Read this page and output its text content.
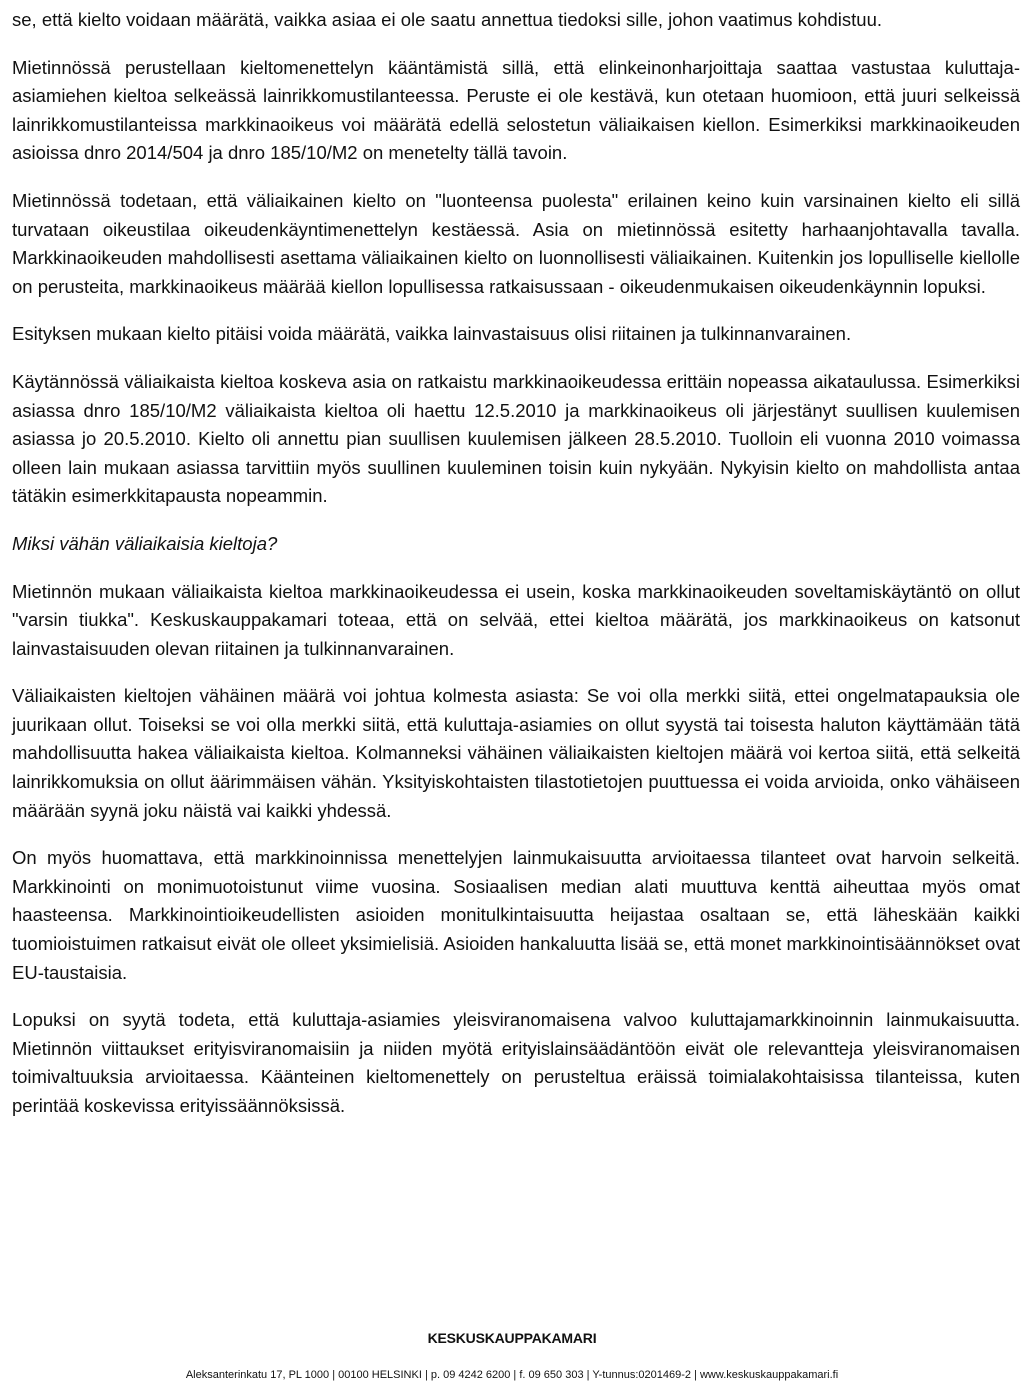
se, että kielto voidaan määrätä, vaikka asiaa ei ole saatu annettua tiedoksi sille, johon vaatimus kohdistuu.

Mietinnössä perustellaan kieltomenettelyn kääntämistä sillä, että elinkeinonharjoittaja saattaa vastustaa kuluttaja-asiamiehen kieltoa selkeässä lainrikkomustilanteessa. Peruste ei ole kestävä, kun otetaan huomioon, että juuri selkeissä lainrikkomustilanteissa markkinaoikeus voi määrätä edellä selostetun väliaikaisen kiellon. Esimerkiksi markkinaoikeuden asioissa dnro 2014/504 ja dnro 185/10/M2 on menetelty tällä tavoin.

Mietinnössä todetaan, että väliaikainen kielto on "luonteensa puolesta" erilainen keino kuin varsinainen kielto eli sillä turvataan oikeustilaa oikeudenkäyntimenettelyn kestäessä. Asia on mietinnössä esitetty harhaanjohtavalla tavalla. Markkinaoikeuden mahdollisesti asettama väliaikainen kielto on luonnollisesti väliaikainen. Kuitenkin jos lopulliselle kiellolle on perusteita, markkinaoikeus määrää kiellon lopullisessa ratkaisussaan - oikeudenmukaisen oikeudenkäynnin lopuksi.

Esityksen mukaan kielto pitäisi voida määrätä, vaikka lainvastaisuus olisi riitainen ja tulkinnanvarainen.

Käytännössä väliaikaista kieltoa koskeva asia on ratkaistu markkinaoikeudessa erittäin nopeassa aikataulussa. Esimerkiksi asiassa dnro 185/10/M2 väliaikaista kieltoa oli haettu 12.5.2010 ja markkinaoikeus oli järjestänyt suullisen kuulemisen asiassa jo 20.5.2010. Kielto oli annettu pian suullisen kuulemisen jälkeen 28.5.2010. Tuolloin eli vuonna 2010 voimassa olleen lain mukaan asiassa tarvittiin myös suullinen kuuleminen toisin kuin nykyään. Nykyisin kielto on mahdollista antaa tätäkin esimerkkitapausta nopeammin.

Miksi vähän väliaikaisia kieltoja?

Mietinnön mukaan väliaikaista kieltoa markkinaoikeudessa ei usein, koska markkinaoikeuden soveltamiskäytäntö on ollut "varsin tiukka". Keskuskauppakamari toteaa, että on selvää, ettei kieltoa määrätä, jos markkinaoikeus on katsonut lainvastaisuuden olevan riitainen ja tulkinnanvarainen.

Väliaikaisten kieltojen vähäinen määrä voi johtua kolmesta asiasta: Se voi olla merkki siitä, ettei ongelmatapauksia ole juurikaan ollut. Toiseksi se voi olla merkki siitä, että kuluttaja-asiamies on ollut syystä tai toisesta haluton käyttämään tätä mahdollisuutta hakea väliaikaista kieltoa. Kolmanneksi vähäinen väliaikaisten kieltojen määrä voi kertoa siitä, että selkeitä lainrikkomuksia on ollut äärimmäisen vähän. Yksityiskohtaisten tilastotietojen puuttuessa ei voida arvioida, onko vähäiseen määrään syynä joku näistä vai kaikki yhdessä.

On myös huomattava, että markkinoinnissa menettelyjen lainmukaisuutta arvioitaessa tilanteet ovat harvoin selkeitä. Markkinointi on monimuotoistunut viime vuosina. Sosiaalisen median alati muuttuva kenttä aiheuttaa myös omat haasteensa. Markkinointioikeudellisten asioiden monitulkintaisuutta heijastaa osaltaan se, että läheskään kaikki tuomioistuimen ratkaisut eivät ole olleet yksimielisiä. Asioiden hankaluutta lisää se, että monet markkinointisäännökset ovat EU-taustaisia.

Lopuksi on syytä todeta, että kuluttaja-asiamies yleisviranomaisena valvoo kuluttajamarkkinoinnin lainmukaisuutta. Mietinnön viittaukset erityisviranomaisiin ja niiden myötä erityislainsäädäntöön eivät ole relevantteja yleisviranomaisen toimivaltuuksia arvioitaessa. Käänteinen kieltomenettely on perusteltua eräissä toimialakohtaisissa tilanteissa, kuten perintää koskevissa erityissäännöksissä.

KESKUSKAUPPAKAMARI
Aleksanterinkatu 17, PL 1000 | 00100 HELSINKI | p. 09 4242 6200 | f. 09 650 303 | Y-tunnus:0201469-2 | www.keskuskauppakamari.fi
